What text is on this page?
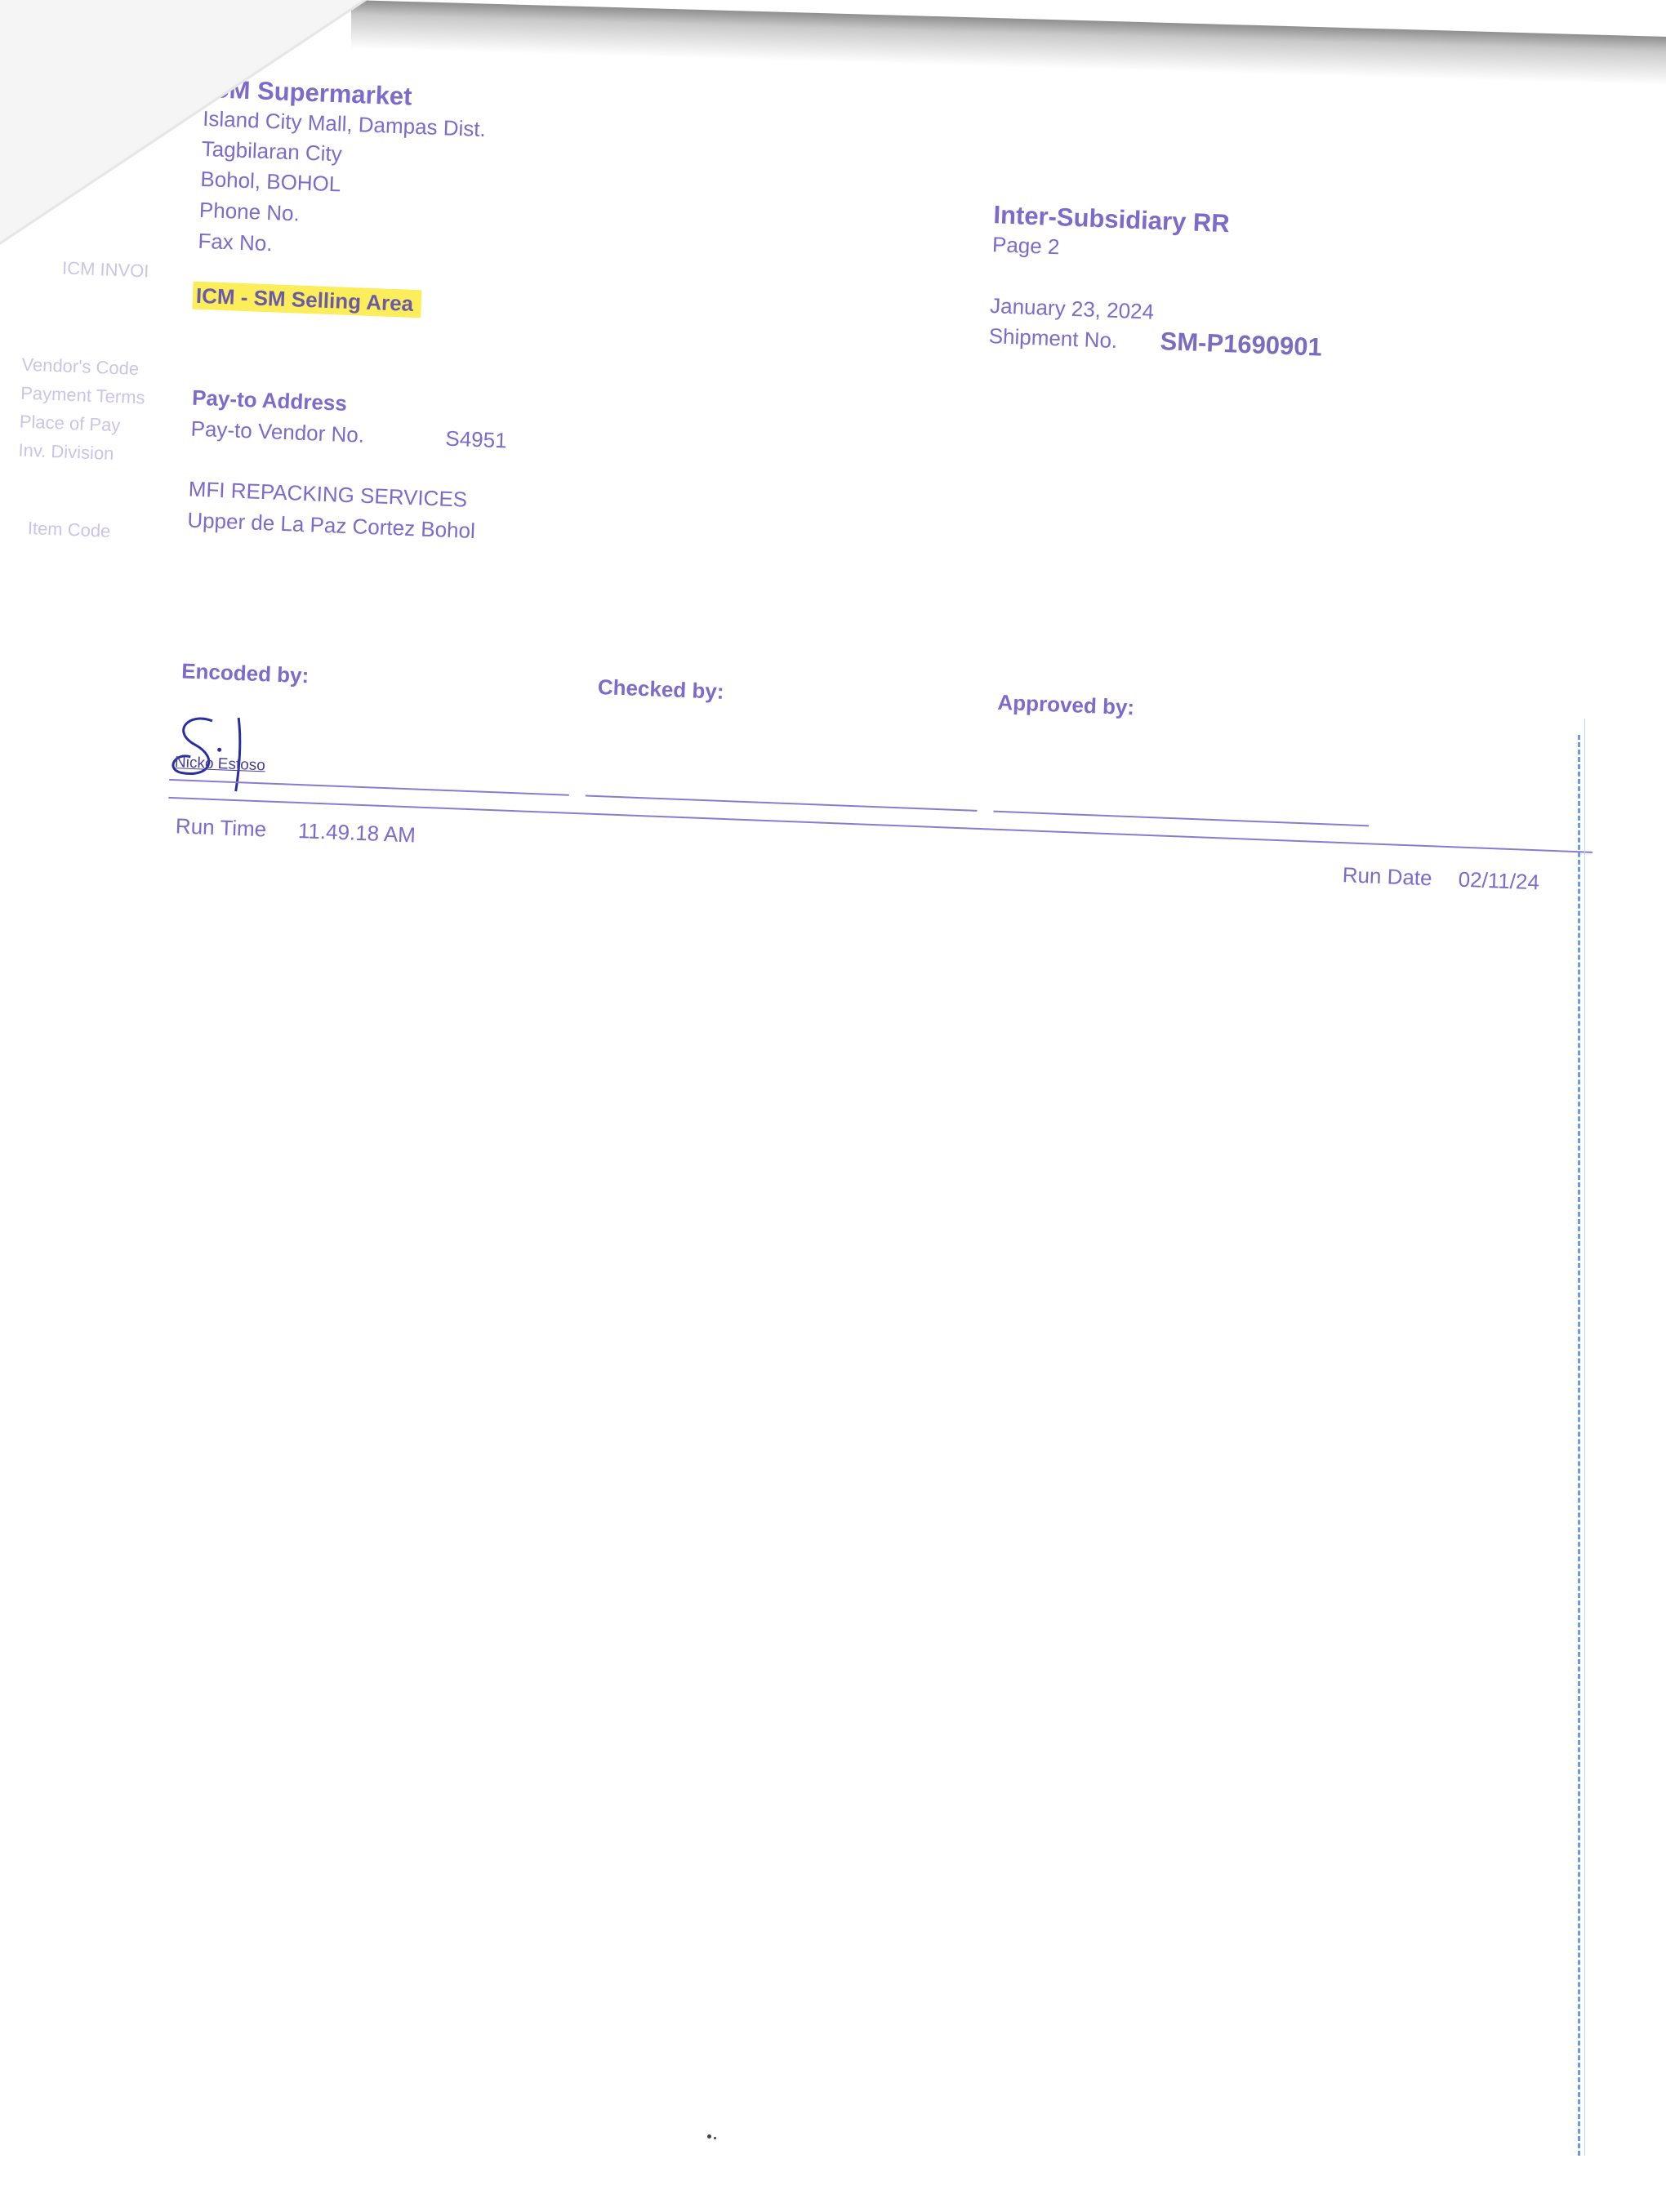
ICM INVOI
Vendor's Code
Payment Terms
Place of Pay
Inv. Division
Item Code
ICM Supermarket
Island City Mall, Dampas Dist.
Tagbilaran City
Bohol, BOHOL
Phone No.
Fax No.
ICM - SM Selling Area
Inter-Subsidiary RR
Page 2
January 23, 2024
Shipment No. SM-P1690901
Pay-to Address
Pay-to Vendor No.	S4951
MFI REPACKING SERVICES
Upper de La Paz Cortez Bohol
Encoded by:
Checked by:
Approved by:
Nicko Estoso
Run Time 11.49.18 AM
Run Date 02/11/24
